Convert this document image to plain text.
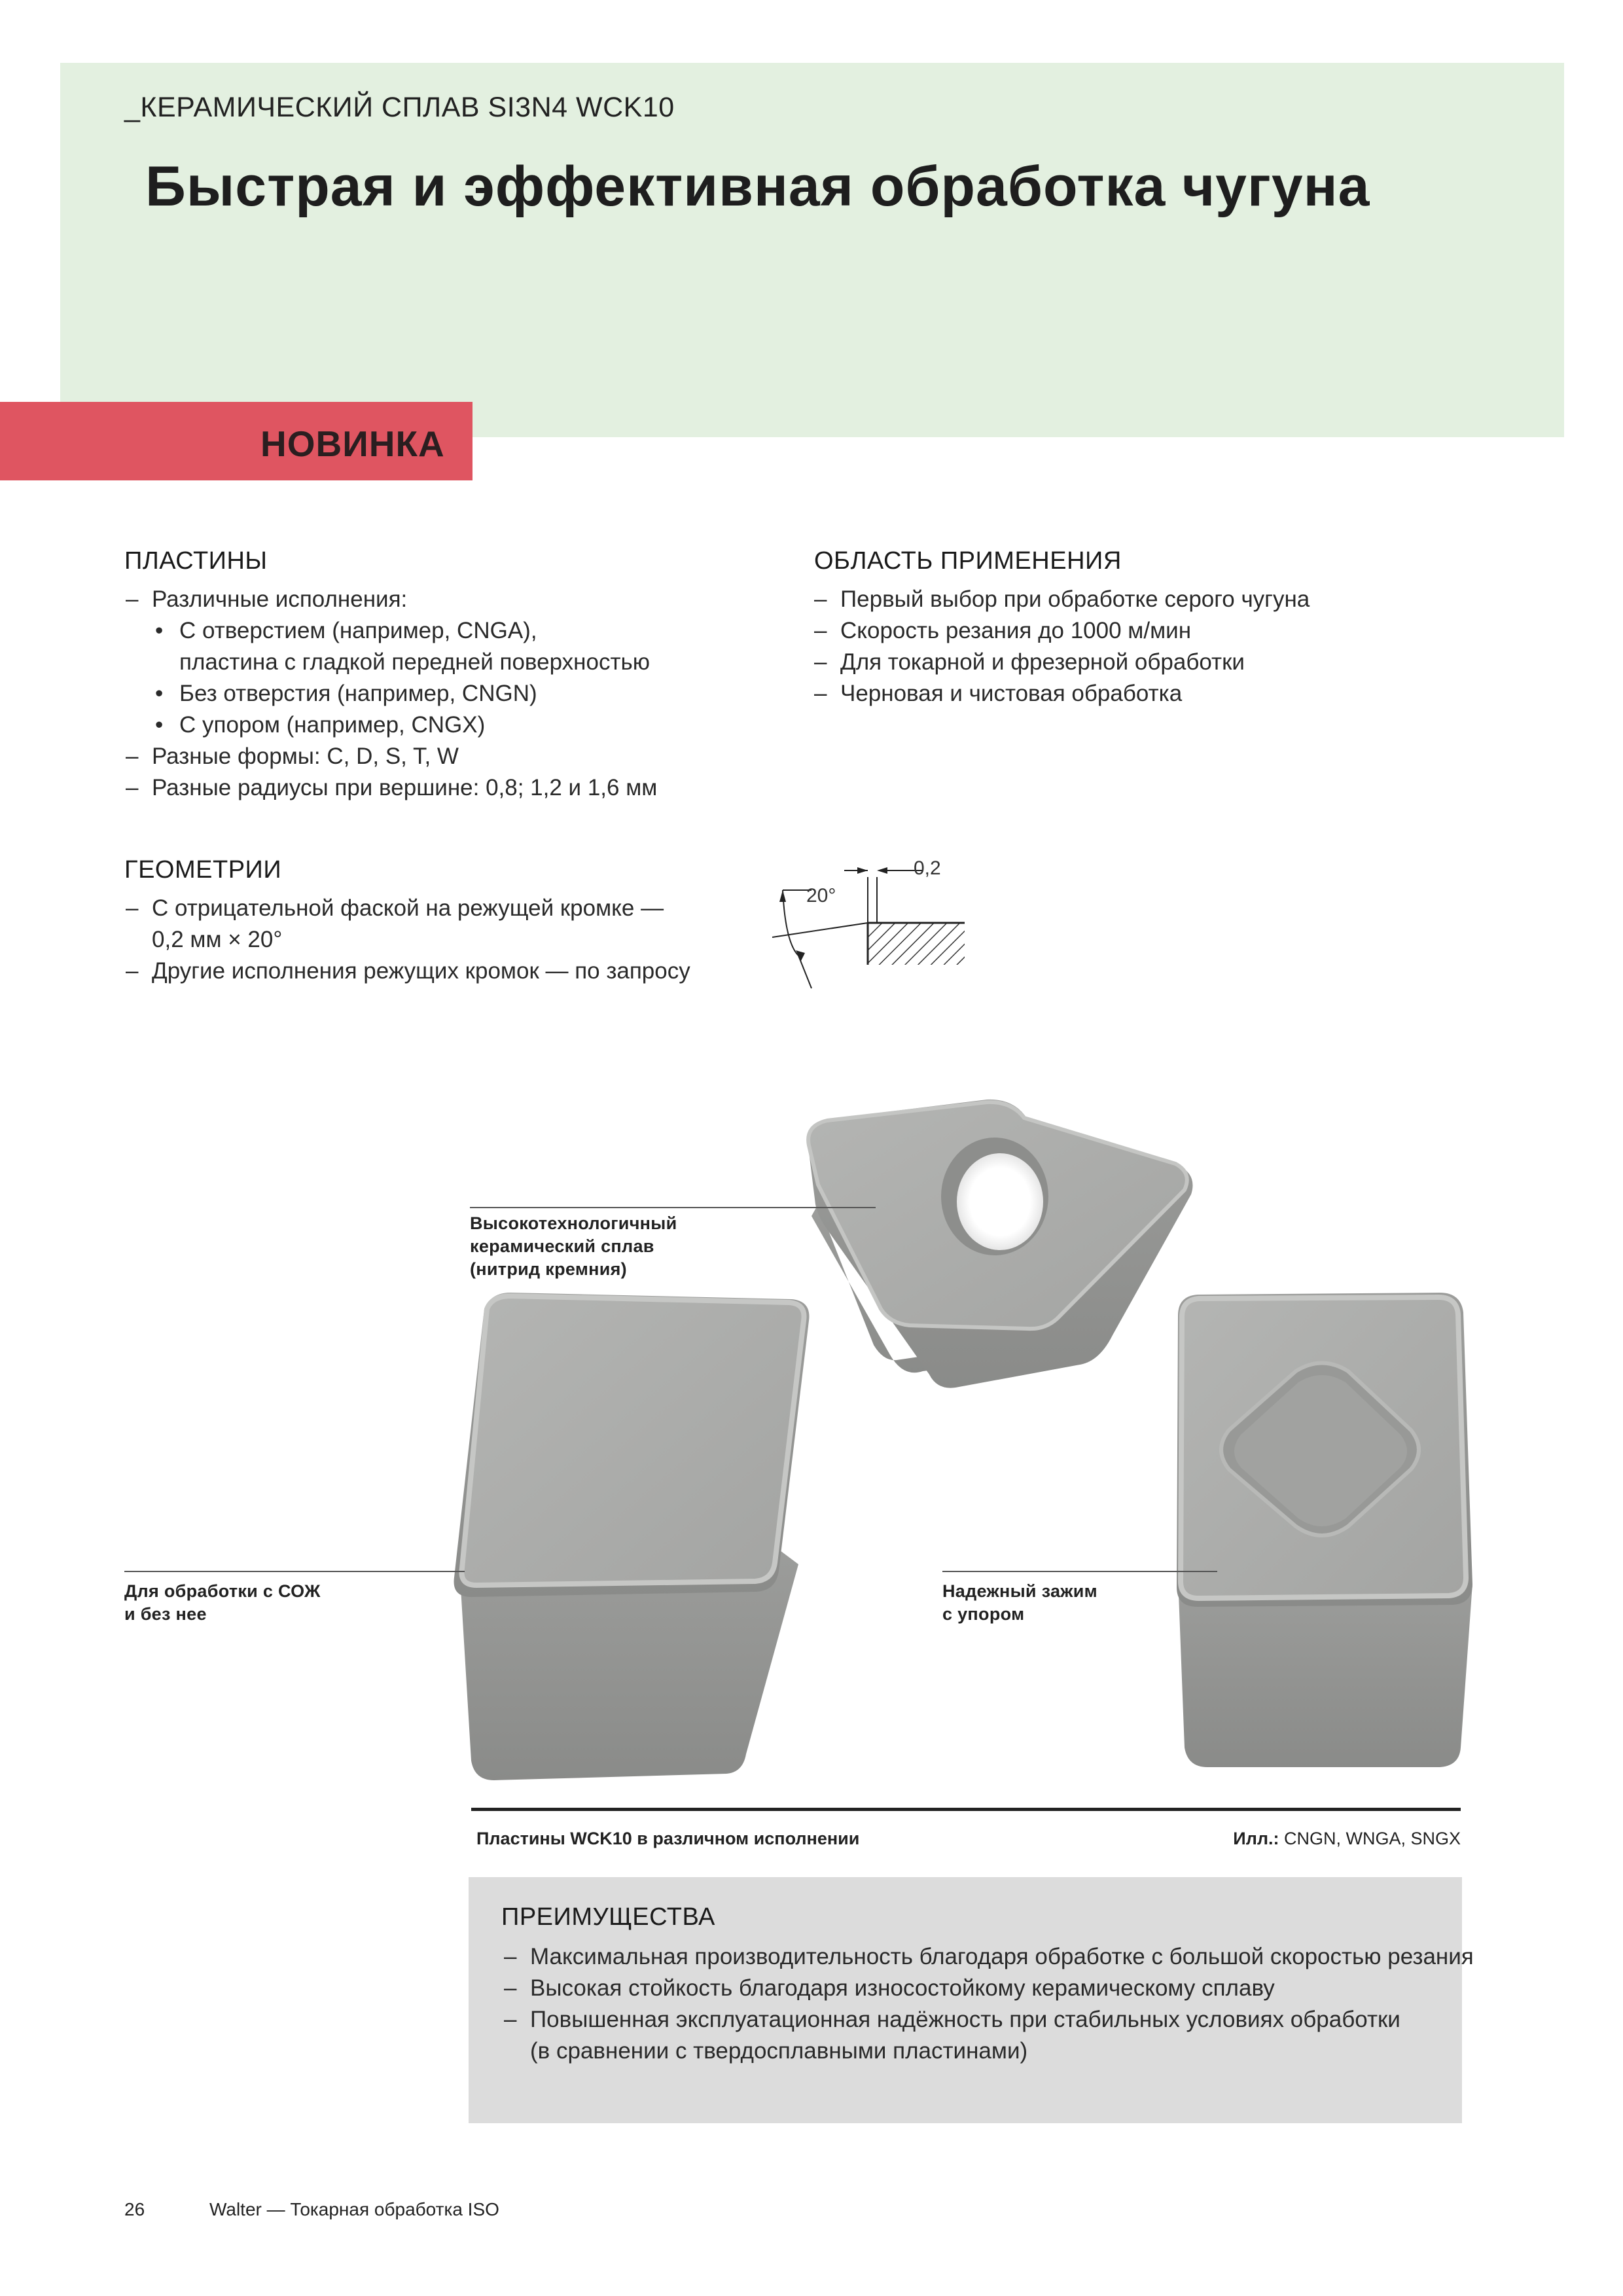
_КЕРАМИЧЕСКИЙ СПЛАВ SI3N4 WCK10
Быстрая и эффективная обработка чугуна
НОВИНКА
ПЛАСТИНЫ
– Различные исполнения:
• С отверстием (например, CNGA),
пластина с гладкой передней поверхностью
• Без отверстия (например, CNGN)
• С упором (например, CNGX)
– Разные формы: C, D, S, T, W
– Разные радиусы при вершине: 0,8; 1,2 и 1,6 мм
ОБЛАСТЬ ПРИМЕНЕНИЯ
– Первый выбор при обработке серого чугуна
– Скорость резания до 1000 м/мин
– Для токарной и фрезерной обработки
– Черновая и чистовая обработка
ГЕОМЕТРИИ
– С отрицательной фаской на режущей кромке —
0,2 мм × 20°
– Другие исполнения режущих кромок — по запросу
20°
0,2
Высокотехнологичный
керамический сплав
(нитрид кремния)
Для обработки с СОЖ
и без нее
Надежный зажим
с упором
Пластины WCK10 в различном исполнении	Илл.: CNGN, WNGA, SNGX
ПРЕИМУЩЕСТВА
– Максимальная производительность благодаря обработке с большой скоростью резания
– Высокая стойкость благодаря износостойкому керамическому сплаву
– Повышенная эксплуатационная надёжность при стабильных условиях обработки
(в сравнении с твердосплавными пластинами)
26	Walter — Токарная обработка ISO
